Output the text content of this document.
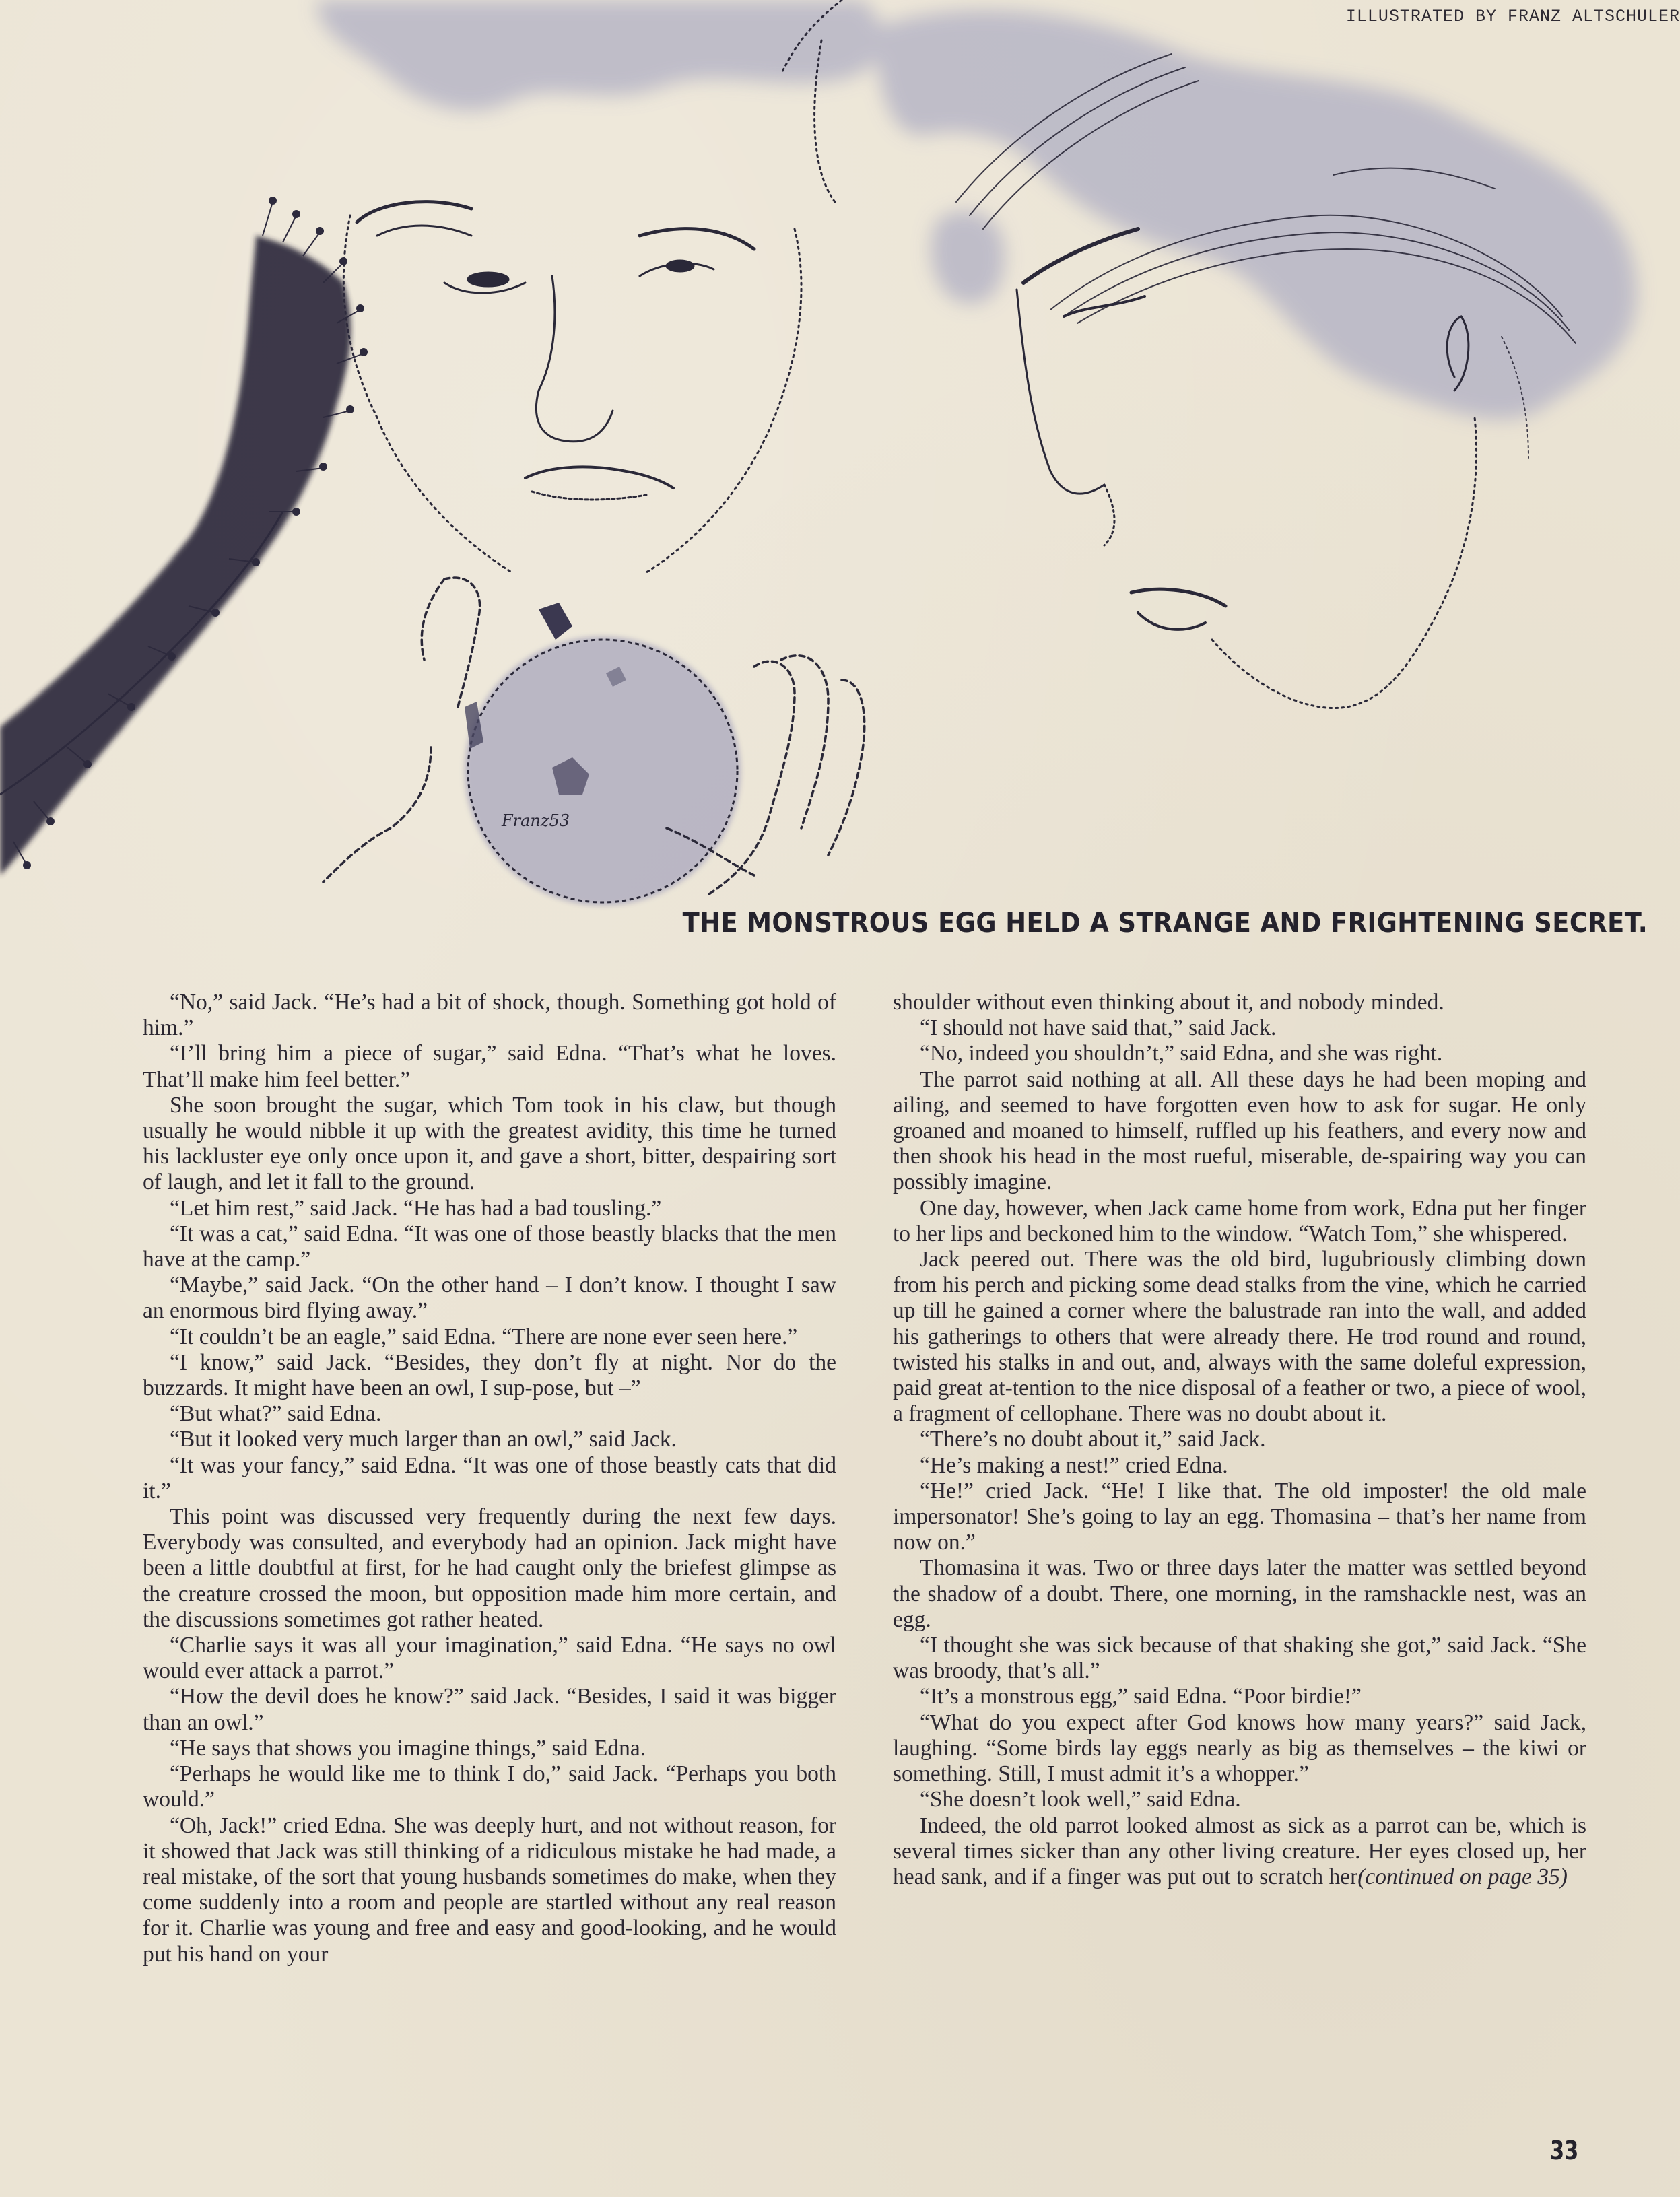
Franz53
ILLUSTRATED BY FRANZ ALTSCHULER
THE MONSTROUS EGG HELD A STRANGE AND FRIGHTENING SECRET.

“No,” said Jack. “He’s had a bit of shock, though. Something got hold of him.”

“I’ll bring him a piece of sugar,” said Edna. “That’s what he loves. That’ll make him feel better.”

She soon brought the sugar, which Tom took in his claw, but though usually he would nibble it up with the greatest avidity, this time he turned his lackluster eye only once upon it, and gave a short, bitter, despairing sort of laugh, and let it fall to the ground.

“Let him rest,” said Jack. “He has had a bad tousling.”

“It was a cat,” said Edna. “It was one of those beastly blacks that the men have at the camp.”

“Maybe,” said Jack. “On the other hand – I don’t know. I thought I saw an enormous bird flying away.”

“It couldn’t be an eagle,” said Edna. “There are none ever seen here.”

“I know,” said Jack. “Besides, they don’t fly at night. Nor do the buzzards. It might have been an owl, I sup-pose, but –”

“But what?” said Edna.

“But it looked very much larger than an owl,” said Jack.

“It was your fancy,” said Edna. “It was one of those beastly cats that did it.”

This point was discussed very frequently during the next few days. Everybody was consulted, and everybody had an opinion. Jack might have been a little doubtful at first, for he had caught only the briefest glimpse as the creature crossed the moon, but opposition made him more certain, and the discussions sometimes got rather heated.

“Charlie says it was all your imagination,” said Edna. “He says no owl would ever attack a parrot.”

“How the devil does he know?” said Jack. “Besides, I said it was bigger than an owl.”

“He says that shows you imagine things,” said Edna.

“Perhaps he would like me to think I do,” said Jack. “Perhaps you both would.”

“Oh, Jack!” cried Edna. She was deeply hurt, and not without reason, for it showed that Jack was still thinking of a ridiculous mistake he had made, a real mistake, of the sort that young husbands sometimes do make, when they come suddenly into a room and people are startled without any real reason for it. Charlie was young and free and easy and good-looking, and he would put his hand on your

shoulder without even thinking about it, and nobody minded.

“I should not have said that,” said Jack.

“No, indeed you shouldn’t,” said Edna, and she was right.

The parrot said nothing at all. All these days he had been moping and ailing, and seemed to have forgotten even how to ask for sugar. He only groaned and moaned to himself, ruffled up his feathers, and every now and then shook his head in the most rueful, miserable, de-spairing way you can possibly imagine.

One day, however, when Jack came home from work, Edna put her finger to her lips and beckoned him to the window. “Watch Tom,” she whispered.

Jack peered out. There was the old bird, lugubriously climbing down from his perch and picking some dead stalks from the vine, which he carried up till he gained a corner where the balustrade ran into the wall, and added his gatherings to others that were already there. He trod round and round, twisted his stalks in and out, and, always with the same doleful expression, paid great at-tention to the nice disposal of a feather or two, a piece of wool, a fragment of cellophane. There was no doubt about it.

“There’s no doubt about it,” said Jack.

“He’s making a nest!” cried Edna.

“He!” cried Jack. “He! I like that. The old imposter! the old male impersonator! She’s going to lay an egg. Thomasina – that’s her name from now on.”

Thomasina it was. Two or three days later the matter was settled beyond the shadow of a doubt. There, one morning, in the ramshackle nest, was an egg.

“I thought she was sick because of that shaking she got,” said Jack. “She was broody, that’s all.”

“It’s a monstrous egg,” said Edna. “Poor birdie!”

“What do you expect after God knows how many years?” said Jack, laughing. “Some birds lay eggs nearly as big as themselves – the kiwi or something. Still, I must admit it’s a whopper.”

“She doesn’t look well,” said Edna.

Indeed, the old parrot looked almost as sick as a parrot can be, which is several times sicker than any other living creature. Her eyes closed up, her head sank, and if a finger was put out to scratch her(continued on page 35)

33
